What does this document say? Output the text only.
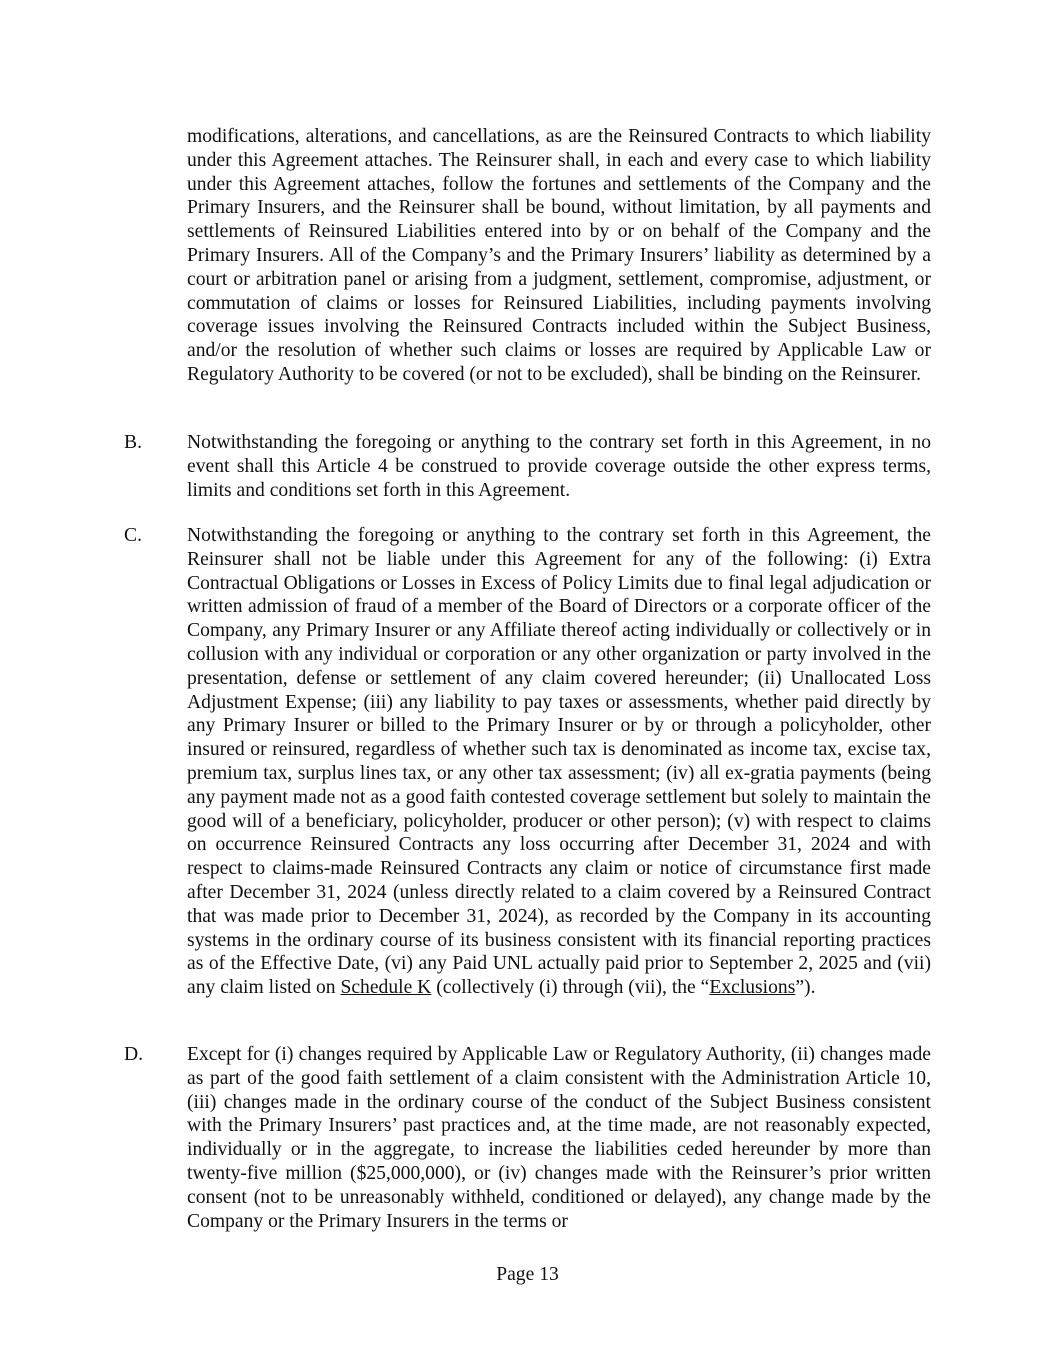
modifications, alterations, and cancellations, as are the Reinsured Contracts to which liability under this Agreement attaches. The Reinsurer shall, in each and every case to which liability under this Agreement attaches, follow the fortunes and settlements of the Company and the Primary Insurers, and the Reinsurer shall be bound, without limitation, by all payments and settlements of Reinsured Liabilities entered into by or on behalf of the Company and the Primary Insurers. All of the Company’s and the Primary Insurers’ liability as determined by a court or arbitration panel or arising from a judgment, settlement, compromise, adjustment, or commutation of claims or losses for Reinsured Liabilities, including payments involving coverage issues involving the Reinsured Contracts included within the Subject Business, and/or the resolution of whether such claims or losses are required by Applicable Law or Regulatory Authority to be covered (or not to be excluded), shall be binding on the Reinsurer.

B. Notwithstanding the foregoing or anything to the contrary set forth in this Agreement, in no event shall this Article 4 be construed to provide coverage outside the other express terms, limits and conditions set forth in this Agreement.

C. Notwithstanding the foregoing or anything to the contrary set forth in this Agreement, the Reinsurer shall not be liable under this Agreement for any of the following: (i) Extra Contractual Obligations or Losses in Excess of Policy Limits due to final legal adjudication or written admission of fraud of a member of the Board of Directors or a corporate officer of the Company, any Primary Insurer or any Affiliate thereof acting individually or collectively or in collusion with any individual or corporation or any other organization or party involved in the presentation, defense or settlement of any claim covered hereunder; (ii) Unallocated Loss Adjustment Expense; (iii) any liability to pay taxes or assessments, whether paid directly by any Primary Insurer or billed to the Primary Insurer or by or through a policyholder, other insured or reinsured, regardless of whether such tax is denominated as income tax, excise tax, premium tax, surplus lines tax, or any other tax assessment; (iv) all ex-gratia payments (being any payment made not as a good faith contested coverage settlement but solely to maintain the good will of a beneficiary, policyholder, producer or other person); (v) with respect to claims on occurrence Reinsured Contracts any loss occurring after December 31, 2024 and with respect to claims-made Reinsured Contracts any claim or notice of circumstance first made after December 31, 2024 (unless directly related to a claim covered by a Reinsured Contract that was made prior to December 31, 2024), as recorded by the Company in its accounting systems in the ordinary course of its business consistent with its financial reporting practices as of the Effective Date, (vi) any Paid UNL actually paid prior to September 2, 2025 and (vii) any claim listed on Schedule K (collectively (i) through (vii), the “Exclusions”).

D. Except for (i) changes required by Applicable Law or Regulatory Authority, (ii) changes made as part of the good faith settlement of a claim consistent with the Administration Article 10, (iii) changes made in the ordinary course of the conduct of the Subject Business consistent with the Primary Insurers’ past practices and, at the time made, are not reasonably expected, individually or in the aggregate, to increase the liabilities ceded hereunder by more than twenty-five million ($25,000,000), or (iv) changes made with the Reinsurer’s prior written consent (not to be unreasonably withheld, conditioned or delayed), any change made by the Company or the Primary Insurers in the terms or

Page 13
